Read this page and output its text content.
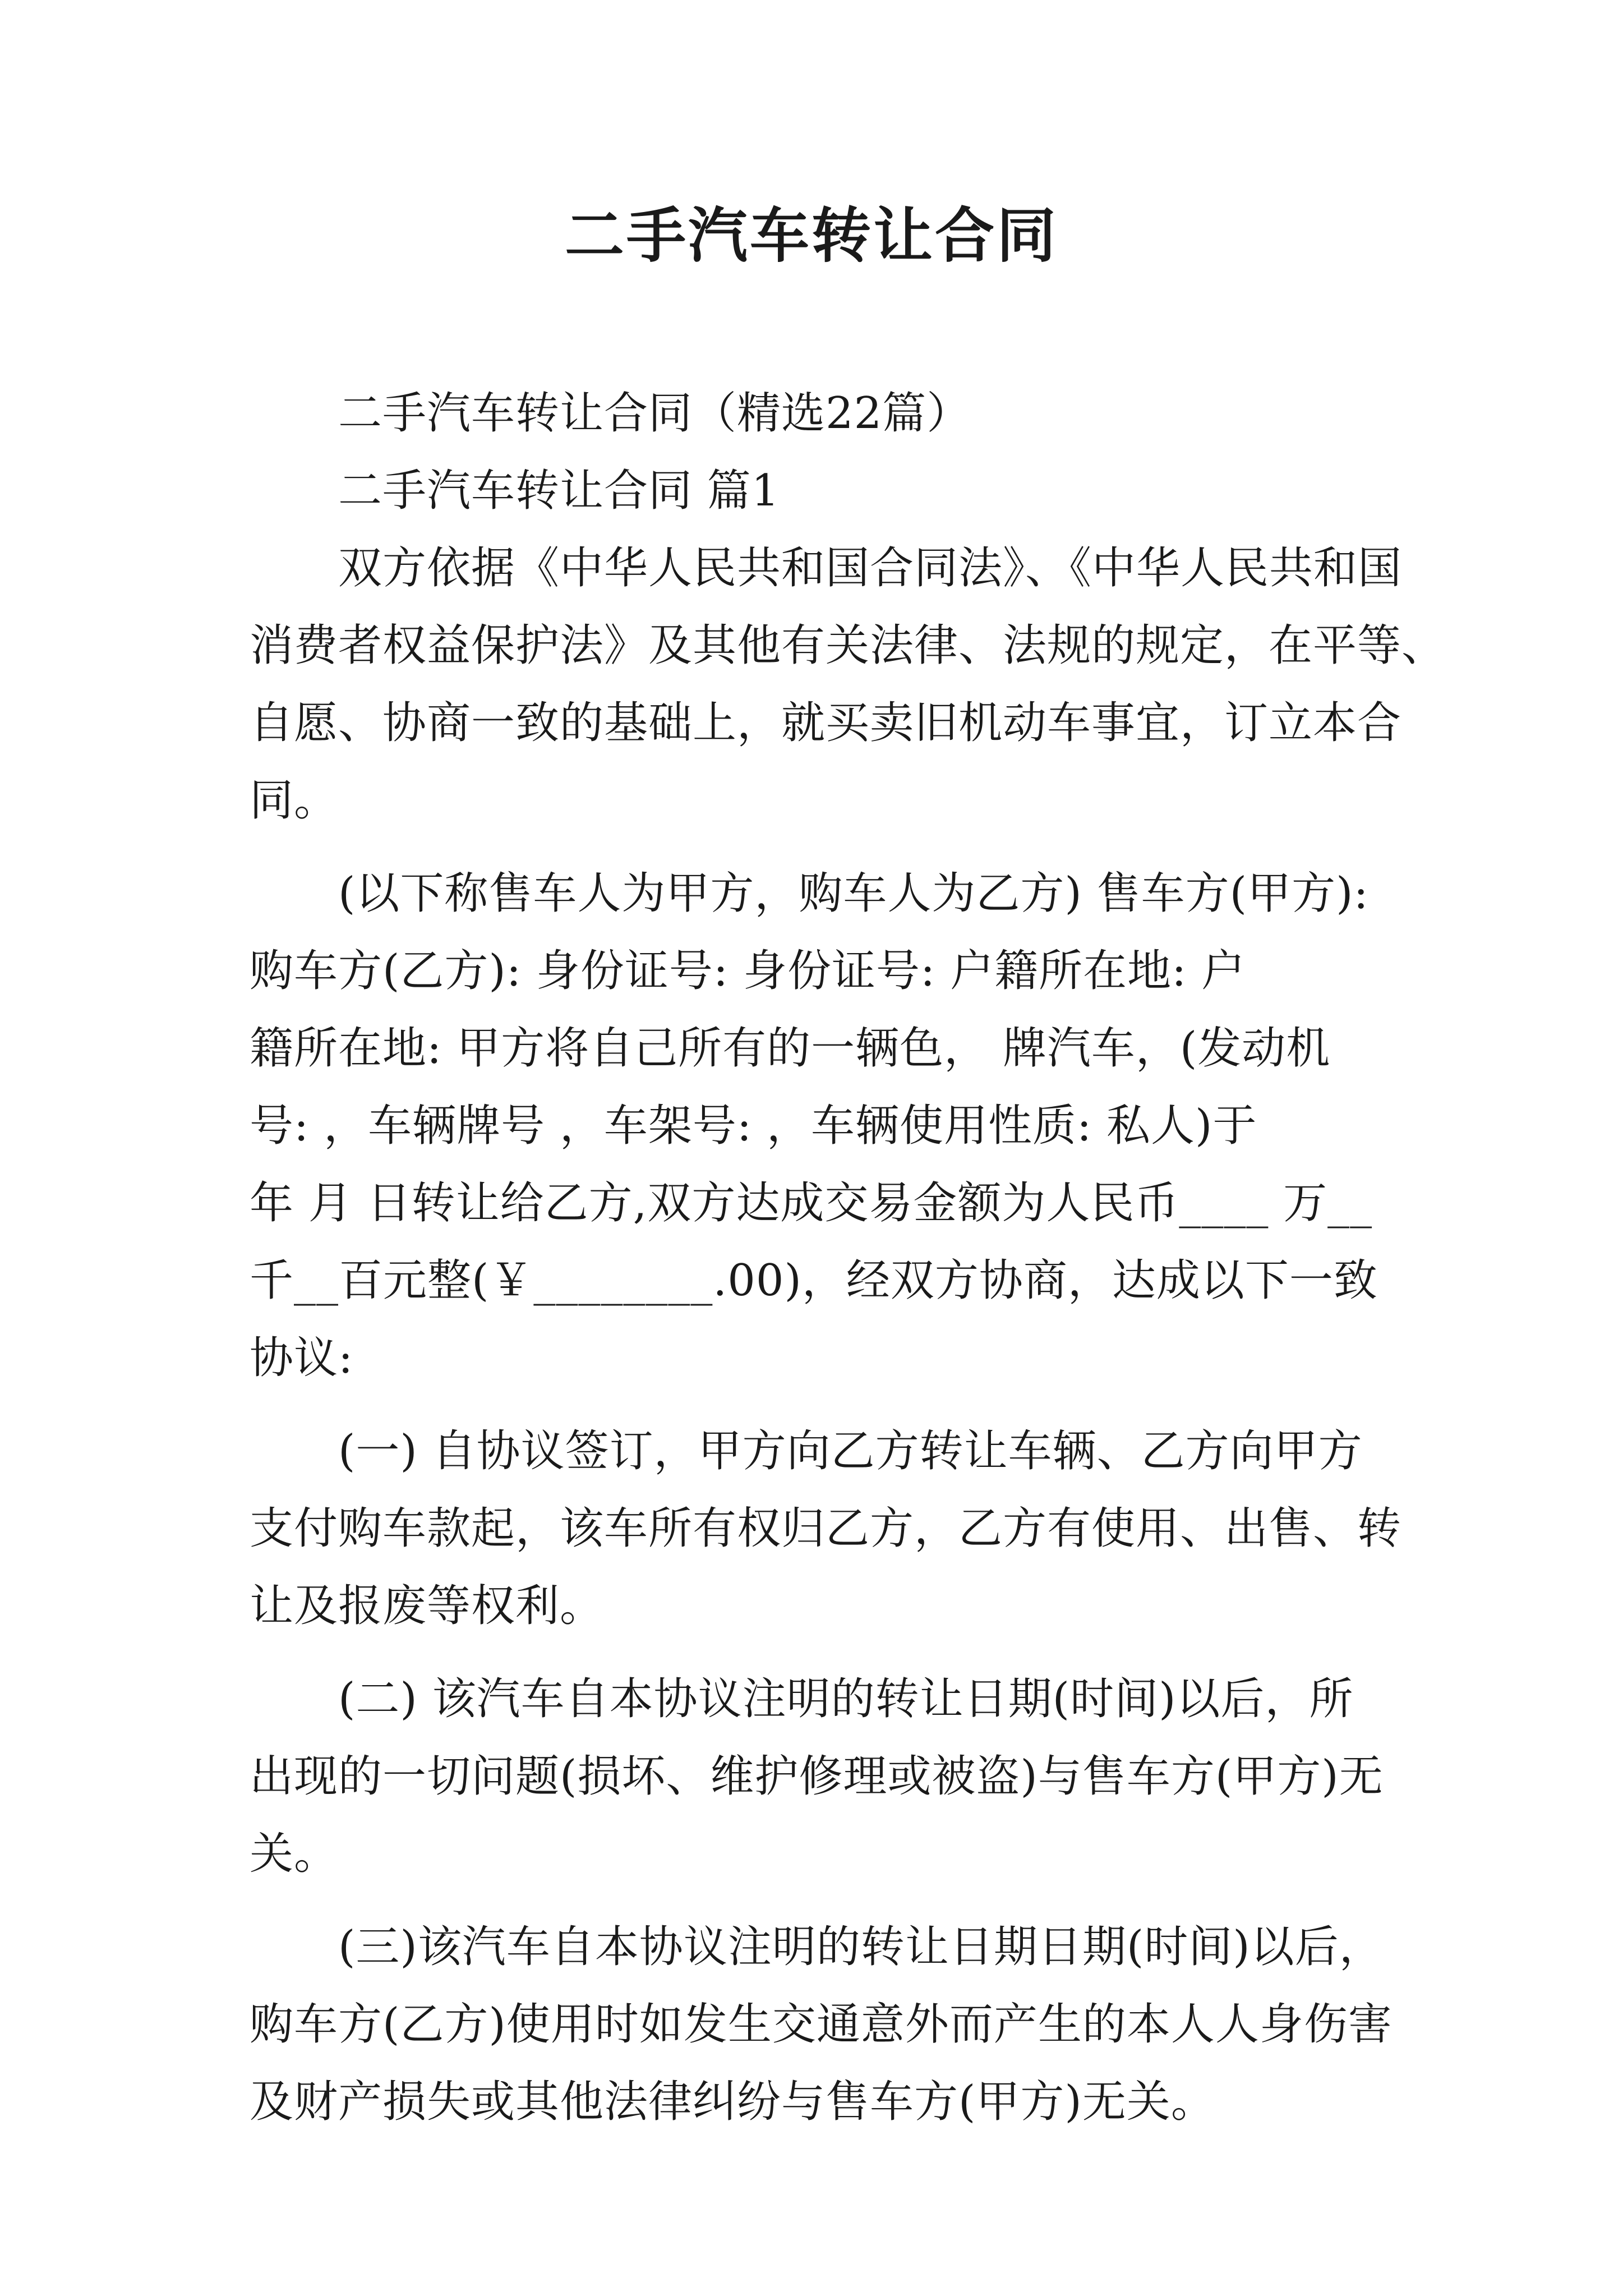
二手汽车转让合同

二手汽车转让合同（精选22篇）

二手汽车转让合同 篇1

双方依据《中华人民共和国合同法》、《中华人民共和国

消费者权益保护法》及其他有关法律、法规的规定，在平等、

自愿、协商一致的基础上，就买卖旧机动车事宜，订立本合

同。

(以下称售车人为甲方，购车人为乙方) 售车方(甲方):

购车方(乙方): 身份证号: 身份证号: 户籍所在地: 户

籍所在地: 甲方将自己所有的一辆色， 牌汽车，(发动机

号: ，车辆牌号 ，车架号: ，车辆使用性质: 私人)于

年 月 日转让给乙方,双方达成交易金额为人民币____ 万__

千__百元整(￥________.00)，经双方协商，达成以下一致

协议:

(一) 自协议签订，甲方向乙方转让车辆、乙方向甲方

支付购车款起，该车所有权归乙方，乙方有使用、出售、转

让及报废等权利。

(二) 该汽车自本协议注明的转让日期(时间)以后，所

出现的一切问题(损坏、维护修理或被盗)与售车方(甲方)无

关。

(三)该汽车自本协议注明的转让日期日期(时间)以后，

购车方(乙方)使用时如发生交通意外而产生的本人人身伤害

及财产损失或其他法律纠纷与售车方(甲方)无关。
